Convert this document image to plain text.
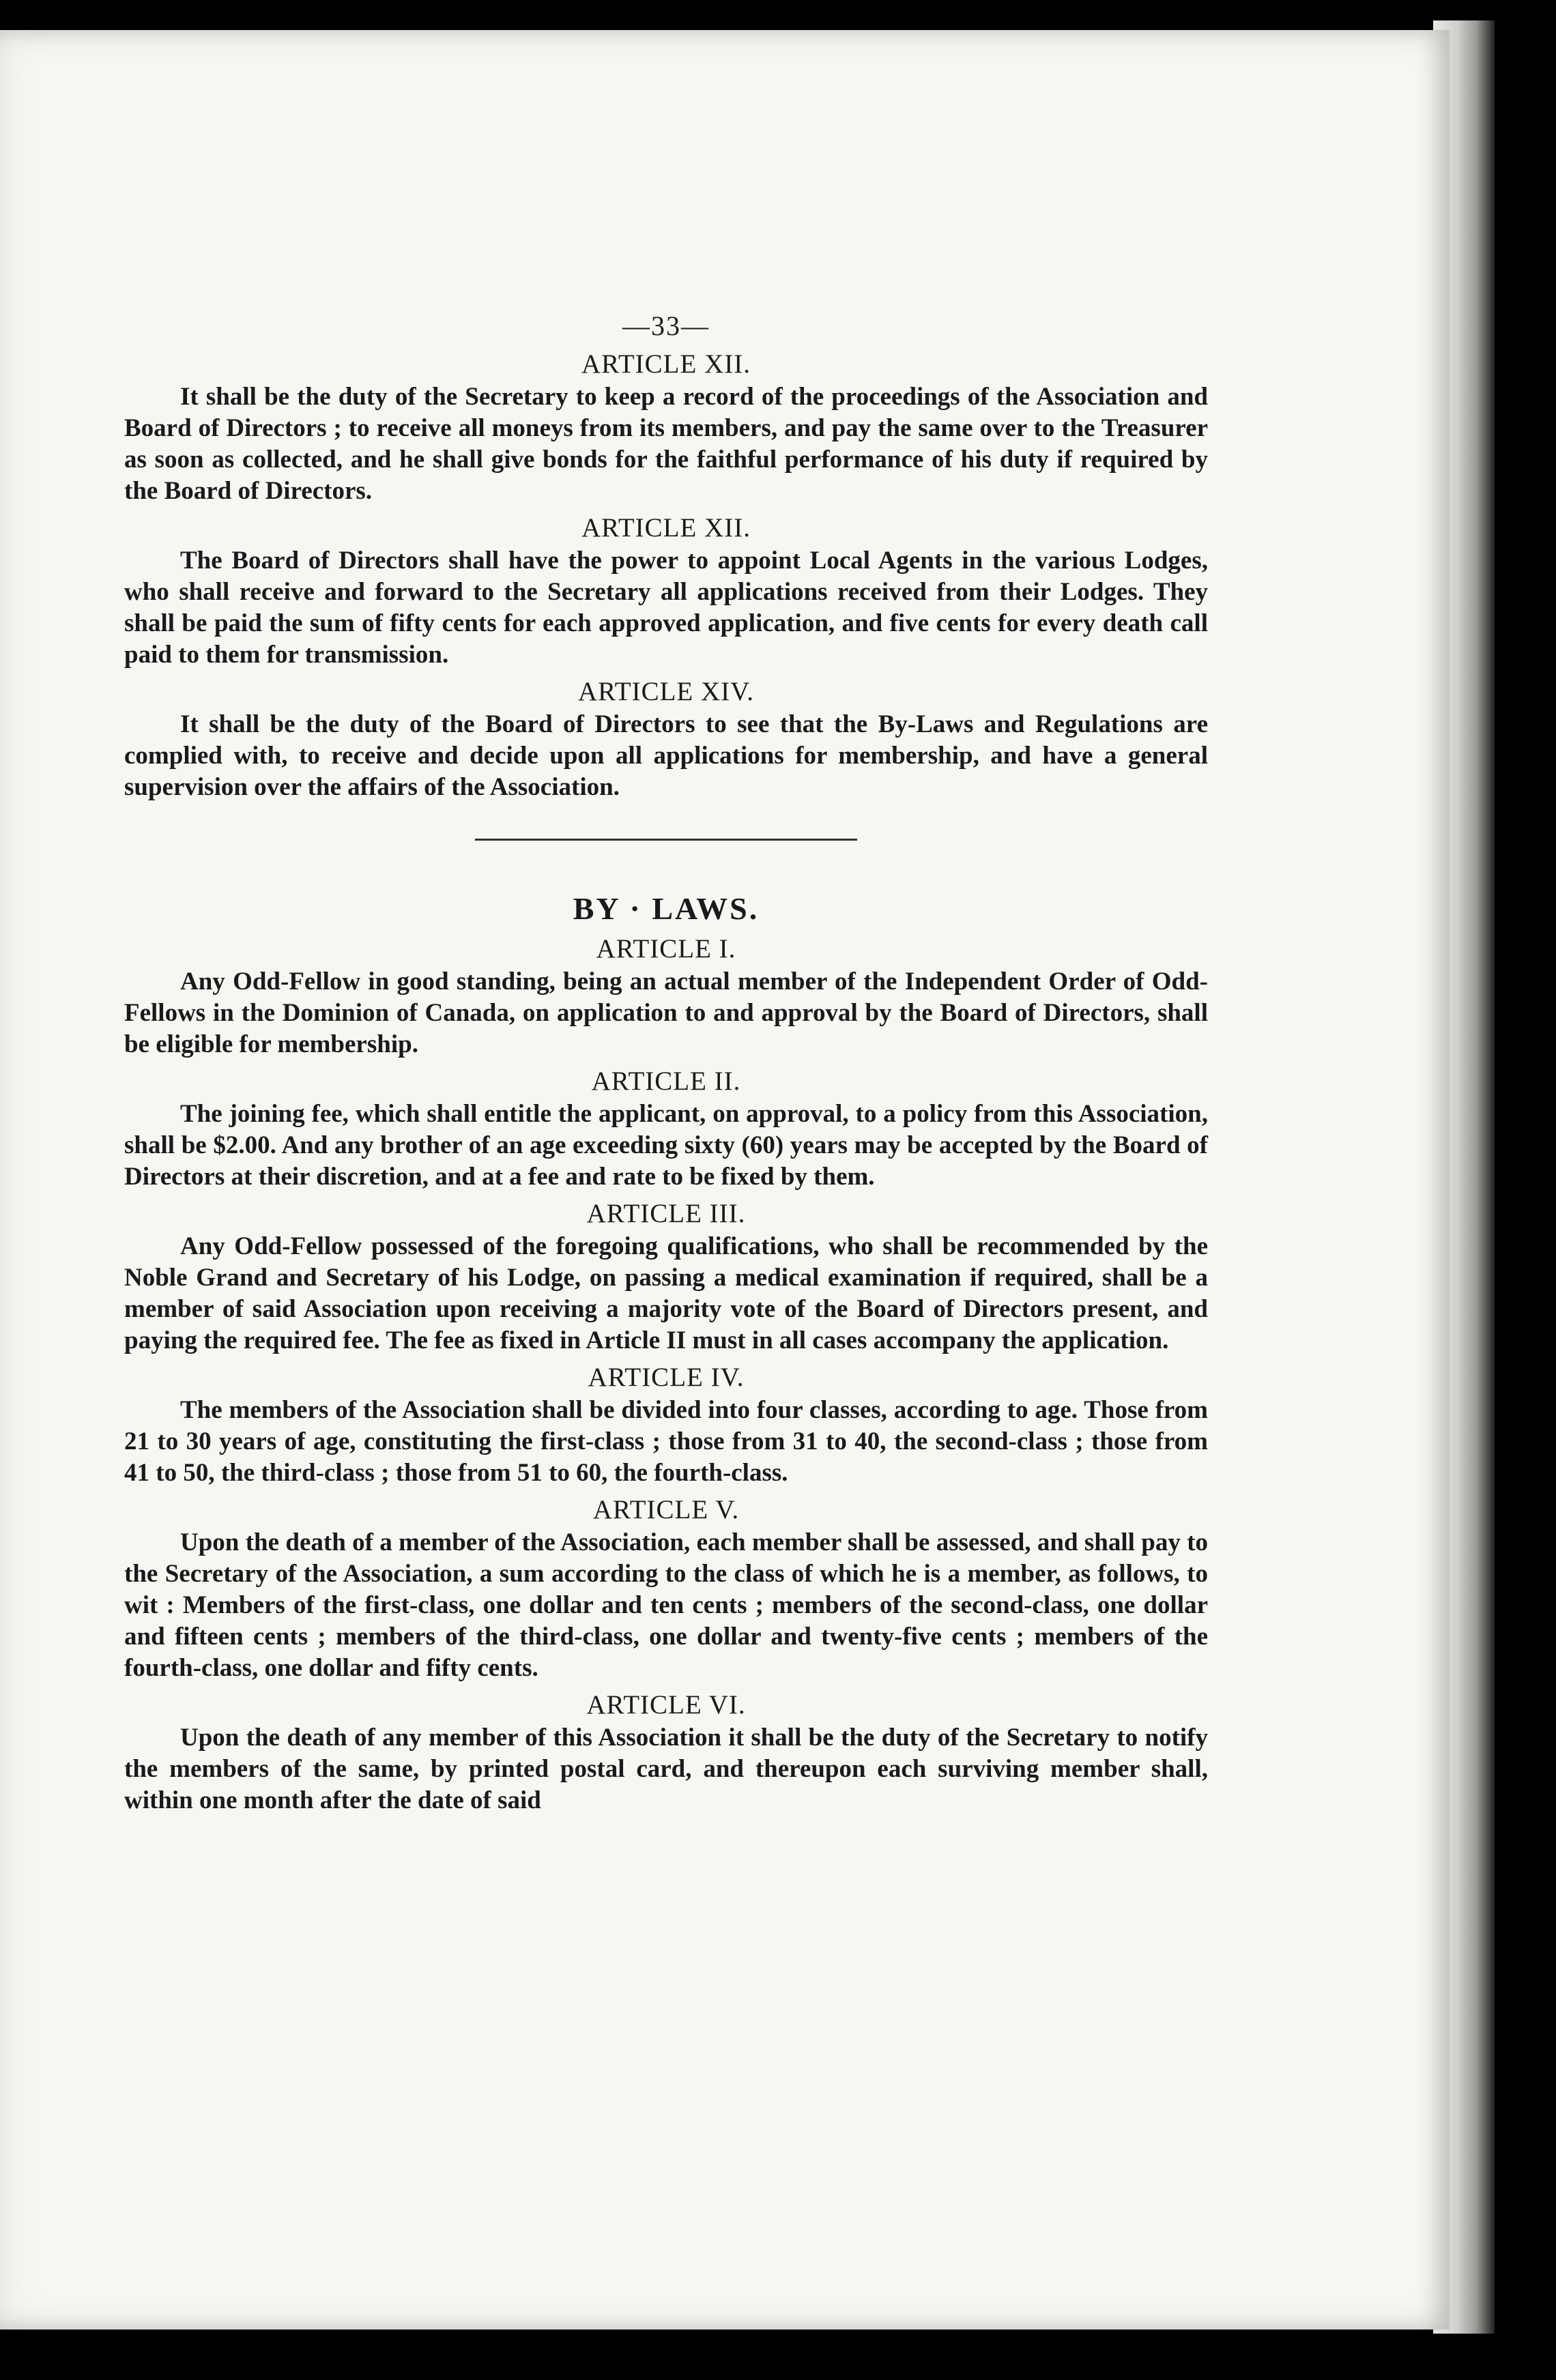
—33—

ARTICLE XII.

It shall be the duty of the Secretary to keep a record of the proceedings of the Association and Board of Directors ; to receive all moneys from its members, and pay the same over to the Treasurer as soon as collected, and he shall give bonds for the faithful performance of his duty if required by the Board of Directors.

ARTICLE XII.

The Board of Directors shall have the power to appoint Local Agents in the various Lodges, who shall receive and forward to the Secretary all applications received from their Lodges. They shall be paid the sum of fifty cents for each approved application, and five cents for every death call paid to them for transmission.

ARTICLE XIV.

It shall be the duty of the Board of Directors to see that the By-Laws and Regulations are complied with, to receive and decide upon all applications for membership, and have a general supervision over the affairs of the Association.

BY · LAWS.

ARTICLE I.

Any Odd-Fellow in good standing, being an actual member of the Independent Order of Odd-Fellows in the Dominion of Canada, on application to and approval by the Board of Directors, shall be eligible for membership.

ARTICLE II.

The joining fee, which shall entitle the applicant, on approval, to a policy from this Association, shall be $2.00. And any brother of an age exceeding sixty (60) years may be accepted by the Board of Directors at their discretion, and at a fee and rate to be fixed by them.

ARTICLE III.

Any Odd-Fellow possessed of the foregoing qualifications, who shall be recommended by the Noble Grand and Secretary of his Lodge, on passing a medical examination if required, shall be a member of said Association upon receiving a majority vote of the Board of Directors present, and paying the required fee. The fee as fixed in Article II must in all cases accompany the application.

ARTICLE IV.

The members of the Association shall be divided into four classes, according to age. Those from 21 to 30 years of age, constituting the first-class ; those from 31 to 40, the second-class ; those from 41 to 50, the third-class ; those from 51 to 60, the fourth-class.

ARTICLE V.

Upon the death of a member of the Association, each member shall be assessed, and shall pay to the Secretary of the Association, a sum according to the class of which he is a member, as follows, to wit : Members of the first-class, one dollar and ten cents ; members of the second-class, one dollar and fifteen cents ; members of the third-class, one dollar and twenty-five cents ; members of the fourth-class, one dollar and fifty cents.

ARTICLE VI.

Upon the death of any member of this Association it shall be the duty of the Secretary to notify the members of the same, by printed postal card, and thereupon each surviving member shall, within one month after the date of said
